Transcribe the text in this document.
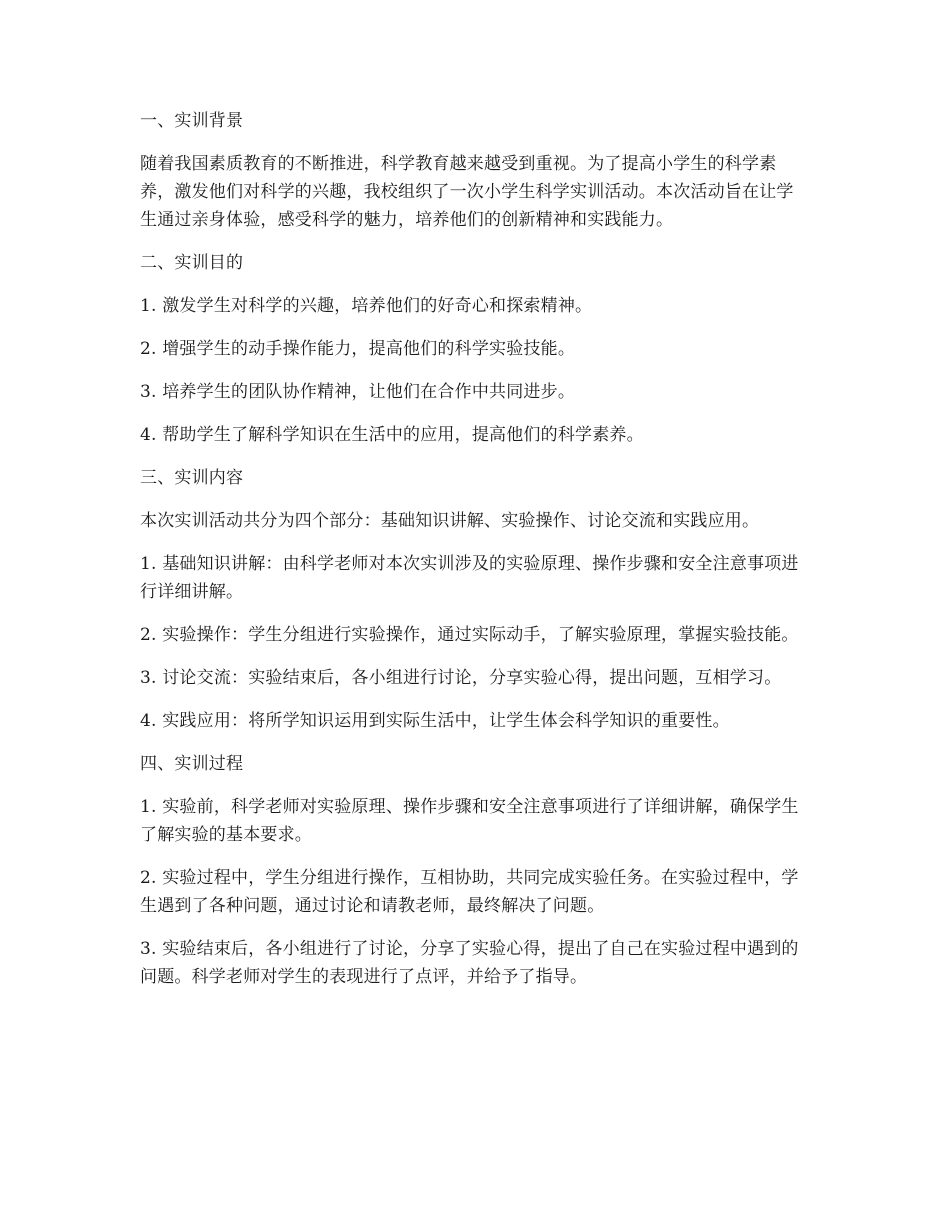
一、实训背景

随着我国素质教育的不断推进，科学教育越来越受到重视。为了提高小学生的科学素养，激发他们对科学的兴趣，我校组织了一次小学生科学实训活动。本次活动旨在让学生通过亲身体验，感受科学的魅力，培养他们的创新精神和实践能力。

二、实训目的

1. 激发学生对科学的兴趣，培养他们的好奇心和探索精神。

2. 增强学生的动手操作能力，提高他们的科学实验技能。

3. 培养学生的团队协作精神，让他们在合作中共同进步。

4. 帮助学生了解科学知识在生活中的应用，提高他们的科学素养。

三、实训内容

本次实训活动共分为四个部分：基础知识讲解、实验操作、讨论交流和实践应用。

1. 基础知识讲解：由科学老师对本次实训涉及的实验原理、操作步骤和安全注意事项进行详细讲解。

2. 实验操作：学生分组进行实验操作，通过实际动手，了解实验原理，掌握实验技能。

3. 讨论交流：实验结束后，各小组进行讨论，分享实验心得，提出问题，互相学习。

4. 实践应用：将所学知识运用到实际生活中，让学生体会科学知识的重要性。

四、实训过程

1. 实验前，科学老师对实验原理、操作步骤和安全注意事项进行了详细讲解，确保学生了解实验的基本要求。

2. 实验过程中，学生分组进行操作，互相协助，共同完成实验任务。在实验过程中，学生遇到了各种问题，通过讨论和请教老师，最终解决了问题。

3. 实验结束后，各小组进行了讨论，分享了实验心得，提出了自己在实验过程中遇到的问题。科学老师对学生的表现进行了点评，并给予了指导。
